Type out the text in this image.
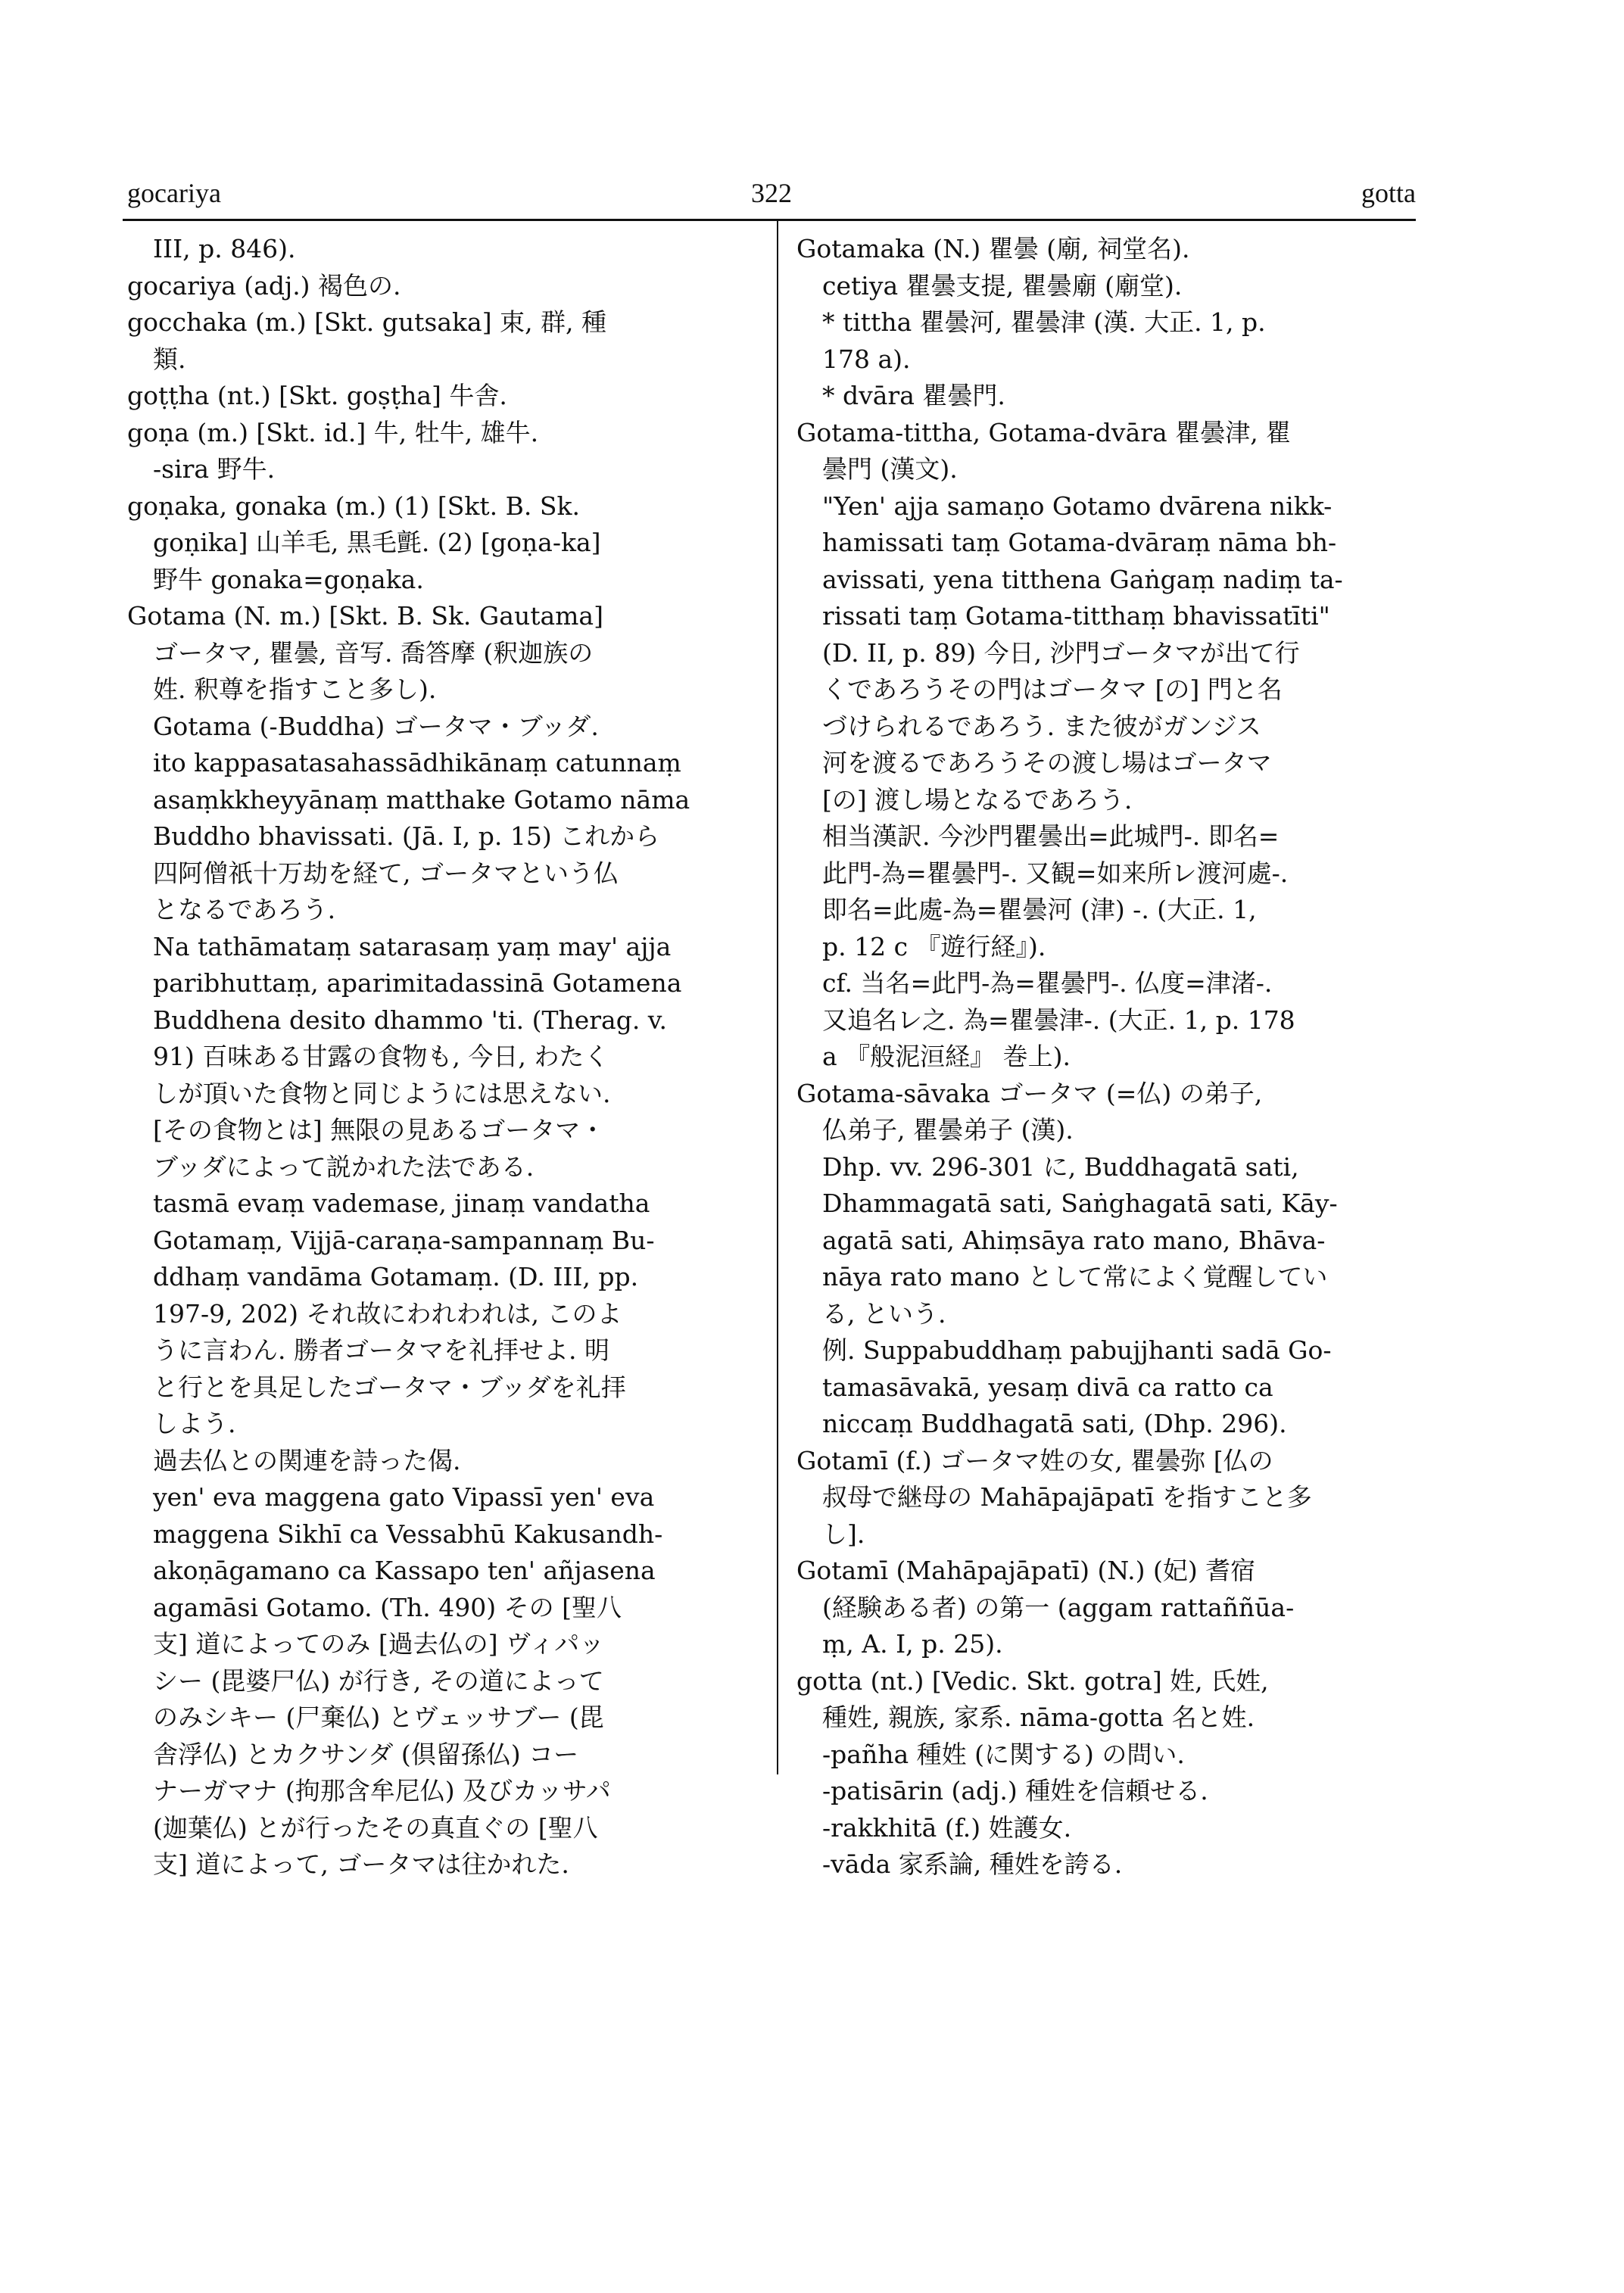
gocariya	322	gotta
III, p. 846).
gocariya (adj.) 褐色の.
gocchaka (m.) [Skt. gutsaka] 束, 群, 種
類.
goṭṭha (nt.) [Skt. goṣṭha] 牛舎.
goṇa (m.) [Skt. id.] 牛, 牡牛, 雄牛.
-sira 野牛.
goṇaka, gonaka (m.) (1) [Skt. B. Sk.
goṇika] 山羊毛, 黒毛氈. (2) [goṇa-ka]
野牛 gonaka=goṇaka.
Gotama (N. m.) [Skt. B. Sk. Gautama]
ゴータマ, 瞿曇, 音写. 喬答摩 (釈迦族の
姓. 釈尊を指すこと多し).
Gotama (-Buddha) ゴータマ・ブッダ.
ito kappasatasahassādhikānaṃ catunnaṃ
asaṃkkheyyānaṃ matthake Gotamo nāma
Buddho bhavissati. (Jā. I, p. 15) これから
四阿僧祇十万劫を経て, ゴータマという仏
となるであろう.
Na tathāmataṃ satarasaṃ yaṃ may' ajja
paribhuttaṃ, aparimitadassinā Gotamena
Buddhena desito dhammo 'ti. (Therag. v.
91) 百味ある甘露の食物も, 今日, わたく
しが頂いた食物と同じようには思えない.
[その食物とは] 無限の見あるゴータマ・
ブッダによって説かれた法である.
tasmā evaṃ vademase, jinaṃ vandatha
Gotamaṃ, Vijjā-caraṇa-sampannaṃ Bu-
ddhaṃ vandāma Gotamaṃ. (D. III, pp.
197-9, 202) それ故にわれわれは, このよ
うに言わん. 勝者ゴータマを礼拝せよ. 明
と行とを具足したゴータマ・ブッダを礼拝
しよう.
過去仏との関連を詩った偈.
yen' eva maggena gato Vipassī yen' eva
maggena Sikhī ca Vessabhū Kakusandh-
akoṇāgamano ca Kassapo ten' añjasena
agamāsi Gotamo. (Th. 490) その [聖八
支] 道によってのみ [過去仏の] ヴィパッ
シー (毘婆尸仏) が行き, その道によって
のみシキー (尸棄仏) とヴェッサブー (毘
舎浮仏) とカクサンダ (倶留孫仏) コー
ナーガマナ (拘那含牟尼仏) 及びカッサパ
(迦葉仏) とが行ったその真直ぐの [聖八
支] 道によって, ゴータマは往かれた.
Gotamaka (N.) 瞿曇 (廟, 祠堂名).
cetiya 瞿曇支提, 瞿曇廟 (廟堂).
* tittha 瞿曇河, 瞿曇津 (漢. 大正. 1, p.
178 a).
* dvāra 瞿曇門.
Gotama-tittha, Gotama-dvāra 瞿曇津, 瞿
曇門 (漢文).
"Yen' ajja samaṇo Gotamo dvārena nikk-
hamissati taṃ Gotama-dvāraṃ nāma bh-
avissati, yena titthena Gaṅgaṃ nadiṃ ta-
rissati taṃ Gotama-titthaṃ bhavissatīti"
(D. II, p. 89) 今日, 沙門ゴータマが出て行
くであろうその門はゴータマ [の] 門と名
づけられるであろう. また彼がガンジス
河を渡るであろうその渡し場はゴータマ
[の] 渡し場となるであろう.
相当漢訳. 今沙門瞿曇出=此城門-. 即名=
此門-為=瞿曇門-. 又観=如来所レ渡河處-.
即名=此處-為=瞿曇河 (津) -. (大正. 1,
p. 12 c 『遊行経』).
cf. 当名=此門-為=瞿曇門-. 仏度=津渚-.
又追名レ之. 為=瞿曇津-. (大正. 1, p. 178
a 『般泥洹経』 巻上).
Gotama-sāvaka ゴータマ (=仏) の弟子,
仏弟子, 瞿曇弟子 (漢).
Dhp. vv. 296-301 に, Buddhagatā sati,
Dhammagatā sati, Saṅghagatā sati, Kāy-
agatā sati, Ahiṃsāya rato mano, Bhāva-
nāya rato mano として常によく覚醒してい
る, という.
例. Suppabuddhaṃ pabujjhanti sadā Go-
tamasāvakā, yesaṃ divā ca ratto ca
niccaṃ Buddhagatā sati, (Dhp. 296).
Gotamī (f.) ゴータマ姓の女, 瞿曇弥 [仏の
叔母で継母の Mahāpajāpatī を指すこと多
し].
Gotamī (Mahāpajāpatī) (N.) (妃) 耆宿
(経験ある者) の第一 (aggam rattaññūa-
ṃ, A. I, p. 25).
gotta (nt.) [Vedic. Skt. gotra] 姓, 氏姓,
種姓, 親族, 家系. nāma-gotta 名と姓.
-pañha 種姓 (に関する) の問い.
-patisārin (adj.) 種姓を信頼せる.
-rakkhitā (f.) 姓護女.
-vāda 家系論, 種姓を誇る.
